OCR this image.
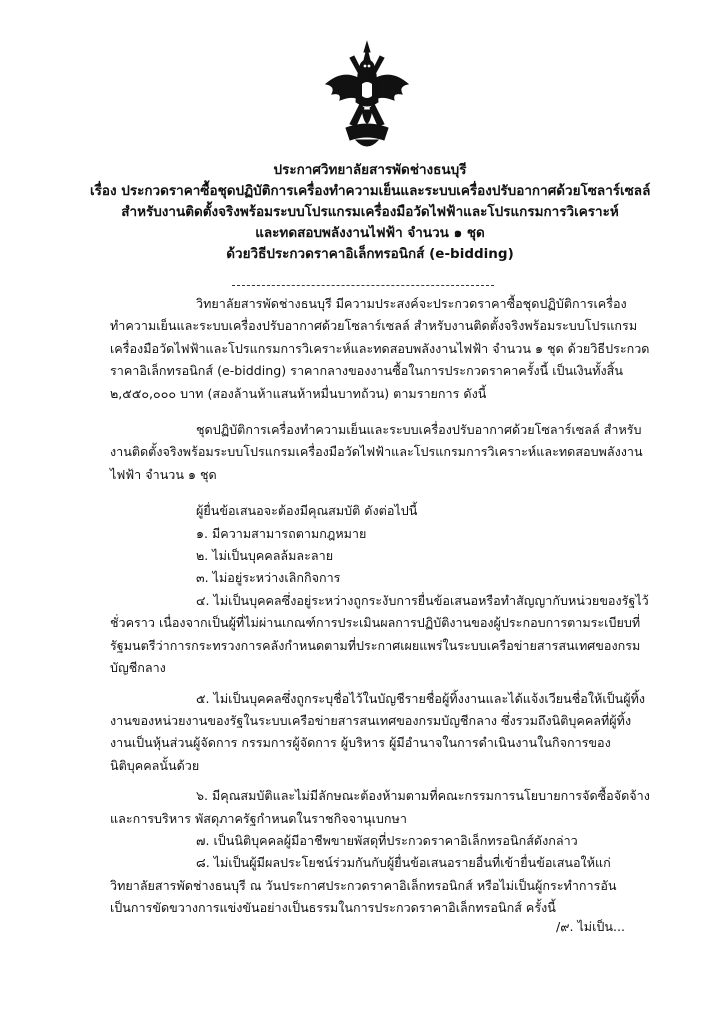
ประกาศวิทยาลัยสารพัดช่างธนบุรี
เรื่อง ประกวดราคาซื้อชุดปฏิบัติการเครื่องทำความเย็นและระบบเครื่องปรับอากาศด้วยโซลาร์เซลล์
สำหรับงานติดตั้งจริงพร้อมระบบโปรแกรมเครื่องมือวัดไฟฟ้าและโปรแกรมการวิเคราะห์
และทดสอบพลังงานไฟฟ้า จำนวน ๑ ชุด
ด้วยวิธีประกวดราคาอิเล็กทรอนิกส์ (e-bidding)

วิทยาลัยสารพัดช่างธนบุรี มีความประสงค์จะประกวดราคาซื้อชุดปฏิบัติการเครื่องทำความเย็นและระบบเครื่องปรับอากาศด้วยโซลาร์เซลล์ สำหรับงานติดตั้งจริงพร้อมระบบโปรแกรมเครื่องมือวัดไฟฟ้าและโปรแกรมการวิเคราะห์และทดสอบพลังงานไฟฟ้า จำนวน ๑ ชุด ด้วยวิธีประกวดราคาอิเล็กทรอนิกส์ (e-bidding) ราคากลางของงานซื้อในการประกวดราคาครั้งนี้ เป็นเงินทั้งสิ้น ๒,๕๕๐,๐๐๐ บาท (สองล้านห้าแสนห้าหมื่นบาทถ้วน) ตามรายการ ดังนี้

ชุดปฏิบัติการเครื่องทำความเย็นและระบบเครื่องปรับอากาศด้วยโซลาร์เซลล์ สำหรับงานติดตั้งจริงพร้อมระบบโปรแกรมเครื่องมือวัดไฟฟ้าและโปรแกรมการวิเคราะห์และทดสอบพลังงานไฟฟ้า จำนวน ๑ ชุด

ผู้ยื่นข้อเสนอจะต้องมีคุณสมบัติ ดังต่อไปนี้

๑. มีความสามารถตามกฎหมาย

๒. ไม่เป็นบุคคลล้มละลาย

๓. ไม่อยู่ระหว่างเลิกกิจการ

๔. ไม่เป็นบุคคลซึ่งอยู่ระหว่างถูกระงับการยื่นข้อเสนอหรือทำสัญญากับหน่วยของรัฐไว้ชั่วคราว เนื่องจากเป็นผู้ที่ไม่ผ่านเกณฑ์การประเมินผลการปฏิบัติงานของผู้ประกอบการตามระเบียบที่รัฐมนตรีว่าการกระทรวงการคลังกำหนดตามที่ประกาศเผยแพร่ในระบบเครือข่ายสารสนเทศของกรมบัญชีกลาง

๕. ไม่เป็นบุคคลซึ่งถูกระบุชื่อไว้ในบัญชีรายชื่อผู้ทิ้งงานและได้แจ้งเวียนชื่อให้เป็นผู้ทิ้งงานของหน่วยงานของรัฐในระบบเครือข่ายสารสนเทศของกรมบัญชีกลาง ซึ่งรวมถึงนิติบุคคลที่ผู้ทิ้งงานเป็นหุ้นส่วนผู้จัดการ กรรมการผู้จัดการ ผู้บริหาร ผู้มีอำนาจในการดำเนินงานในกิจการของนิติบุคคลนั้นด้วย

๖. มีคุณสมบัติและไม่มีลักษณะต้องห้ามตามที่คณะกรรมการนโยบายการจัดซื้อจัดจ้างและการบริหาร พัสดุภาครัฐกำหนดในราชกิจจานุเบกษา

๗. เป็นนิติบุคคลผู้มีอาชีพขายพัสดุที่ประกวดราคาอิเล็กทรอนิกส์ดังกล่าว

๘. ไม่เป็นผู้มีผลประโยชน์ร่วมกันกับผู้ยื่นข้อเสนอรายอื่นที่เข้ายื่นข้อเสนอให้แก่วิทยาลัยสารพัดช่างธนบุรี ณ วันประกาศประกวดราคาอิเล็กทรอนิกส์ หรือไม่เป็นผู้กระทำการอันเป็นการขัดขวางการแข่งขันอย่างเป็นธรรมในการประกวดราคาอิเล็กทรอนิกส์ ครั้งนี้

/๙. ไม่เป็น...
